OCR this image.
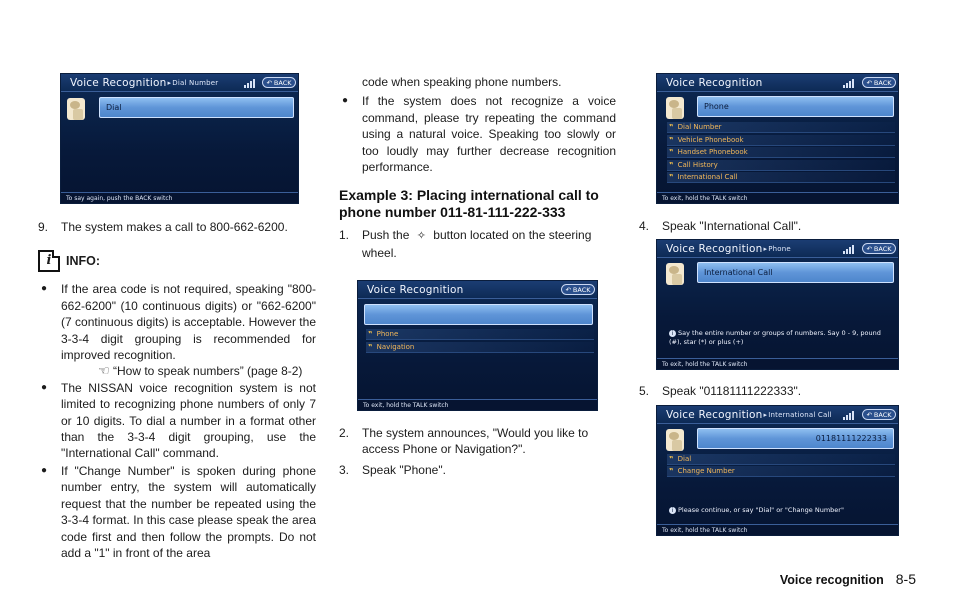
Voice Recognition ▸ Dial Number	↶ BACK
Dial
To say again, push the BACK switch
Voice Recognition	↶ BACK
‟ Phone
‟ Navigation
To exit, hold the TALK switch
Voice Recognition	↶ BACK
Phone
‟ Dial Number
‟ Vehicle Phonebook
‟ Handset Phonebook
‟ Call History
‟ International Call
To exit, hold the TALK switch
Voice Recognition ▸ Phone	↶ BACK
International Call
i Say the entire number or groups of numbers. Say 0 - 9, pound (#), star (*) or plus (+)
To exit, hold the TALK switch
Voice Recognition ▸ International Call	↶ BACK
01181111222333
‟ Dial
‟ Change Number
i Please continue, or say "Dial" or "Change Number"
To exit, hold the TALK switch
9. The system makes a call to 800-662-6200.
i INFO:
● If the area code is not required, speaking "800-662-6200" (10 continuous digits) or "662-6200" (7 continuous digits) is acceptable. However the 3-3-4 digit grouping is recommended for improved recognition.
☜ “How to speak numbers” (page 8-2)
● The NISSAN voice recognition system is not limited to recognizing phone numbers of only 7 or 10 digits. To dial a number in a format other than the 3-3-4 digit grouping, use the "International Call" command.
● If "Change Number" is spoken during phone number entry, the system will automatically request that the number be repeated using the 3-3-4 format. In this case please speak the area code first and then follow the prompts. Do not add a "1" in front of the area
code when speaking phone numbers.
● If the system does not recognize a voice command, please try repeating the command using a natural voice. Speaking too slowly or too loudly may further decrease recognition performance.
Example 3: Placing international call to phone number 011-81-111-222-333
1. Push the ✧ button located on the steering wheel.
2. The system announces, "Would you like to access Phone or Navigation?".
3. Speak "Phone".
4. Speak "International Call".
5. Speak "01181111222333".
Voice recognition 8-5
